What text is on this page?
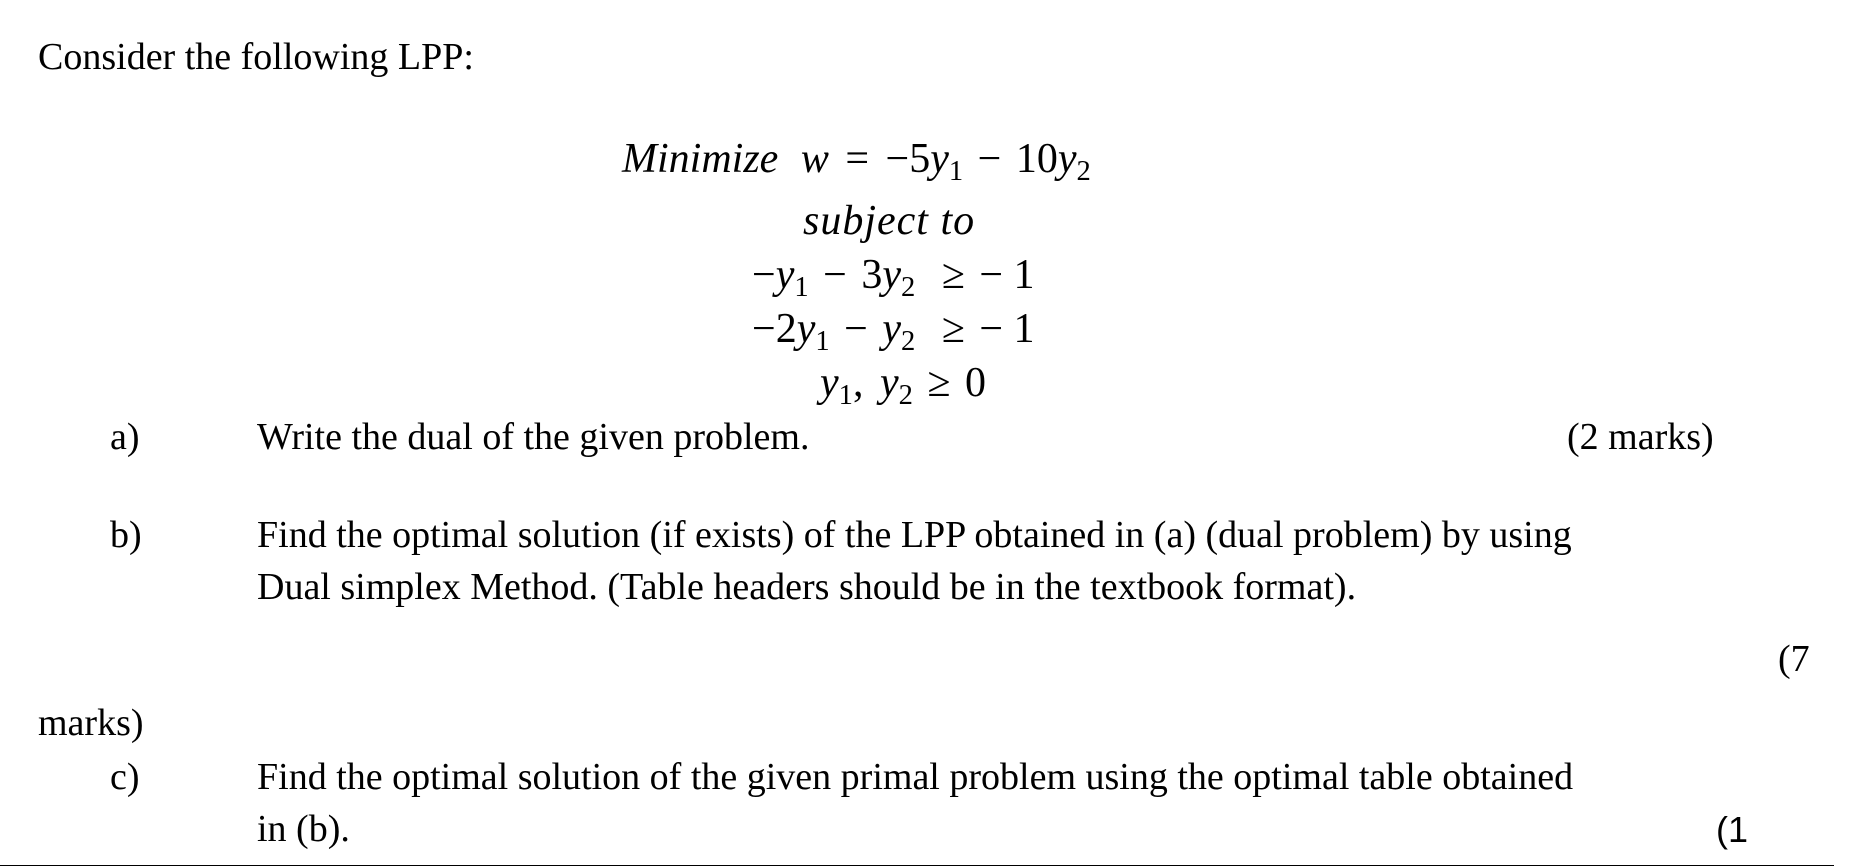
Consider the following LPP:
Minimize $w = -5y_1 - 10y_2$
subject to
$-y_1 - 3y_2$ ≥ − 1
$-2y_1 - y_2$ ≥ − 1
$y_1$, $y_2 \ge 0$
a)	Write the dual of the given problem.	(2 marks)
b)	Find the optimal solution (if exists) of the LPP obtained in (a) (dual problem) by using
Dual simplex Method. (Table headers should be in the textbook format).
(7
marks)
c)	Find the optimal solution of the given primal problem using the optimal table obtained
in (b).	(1
